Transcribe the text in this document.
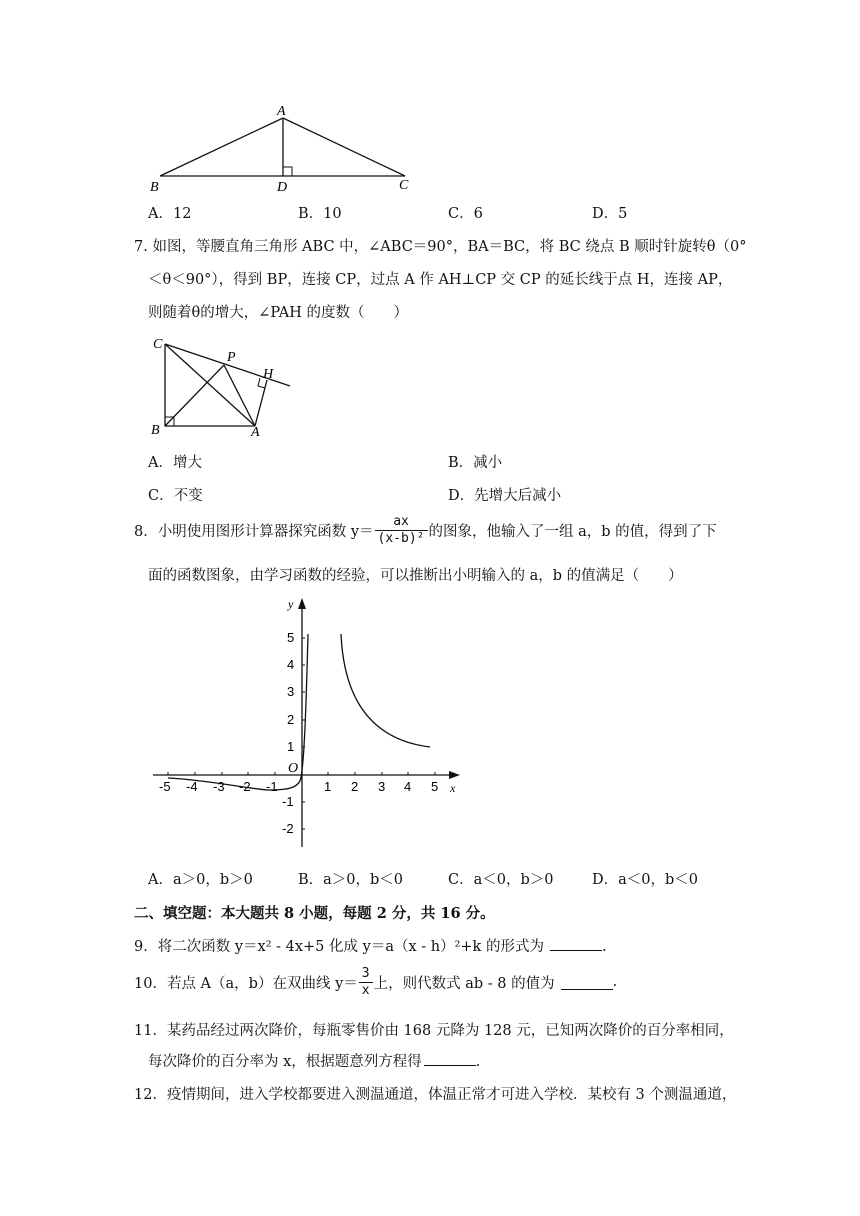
A
B	D	C
A．12	B．10	C．6	D．5
7. 如图，等腰直角三角形 ABC 中，∠ABC＝90°，BA＝BC，将 BC 绕点 B 顺时针旋转θ（0°
＜θ＜90°），得到 BP，连接 CP，过点 A 作 AH⊥CP 交 CP 的延长线于点 H，连接 AP，
则随着θ的增大，∠PAH 的度数（　　）
C
P
H
B	A
A．增大	B．减小
C．不变	D．先增大后减小
8．小明使用图形计算器探究函数 $y= \frac{ax}{\text{(x-b)²}}$ 的图象，他输入了一组 a，b 的值，得到了下
面的函数图象，由学习函数的经验，可以推断出小明输入的 a，b 的值满足（　　）
-5 -4 -3 -2 -1	1 2 3 4 5
5
4
3
2
1
-1
-2
x
y
O
A．a＞0，b＞0	B．a＞0，b＜0	C．a＜0，b＞0	D．a＜0，b＜0
二、填空题：本大题共 8 小题，每题 2 分，共 16 分。
9．将二次函数 y＝x² - 4x+5 化成 y＝a（x - h）²+k 的形式为	.
10．若点 A（a，b）在双曲线 $y= \frac{3}{x}$ 上，则代数式 ab - 8 的值为	.
11．某药品经过两次降价，每瓶零售价由 168 元降为 128 元，已知两次降价的百分率相同，
每次降价的百分率为 x，根据题意列方程得	.
12．疫情期间，进入学校都要进入测温通道，体温正常才可进入学校．某校有 3 个测温通道，
